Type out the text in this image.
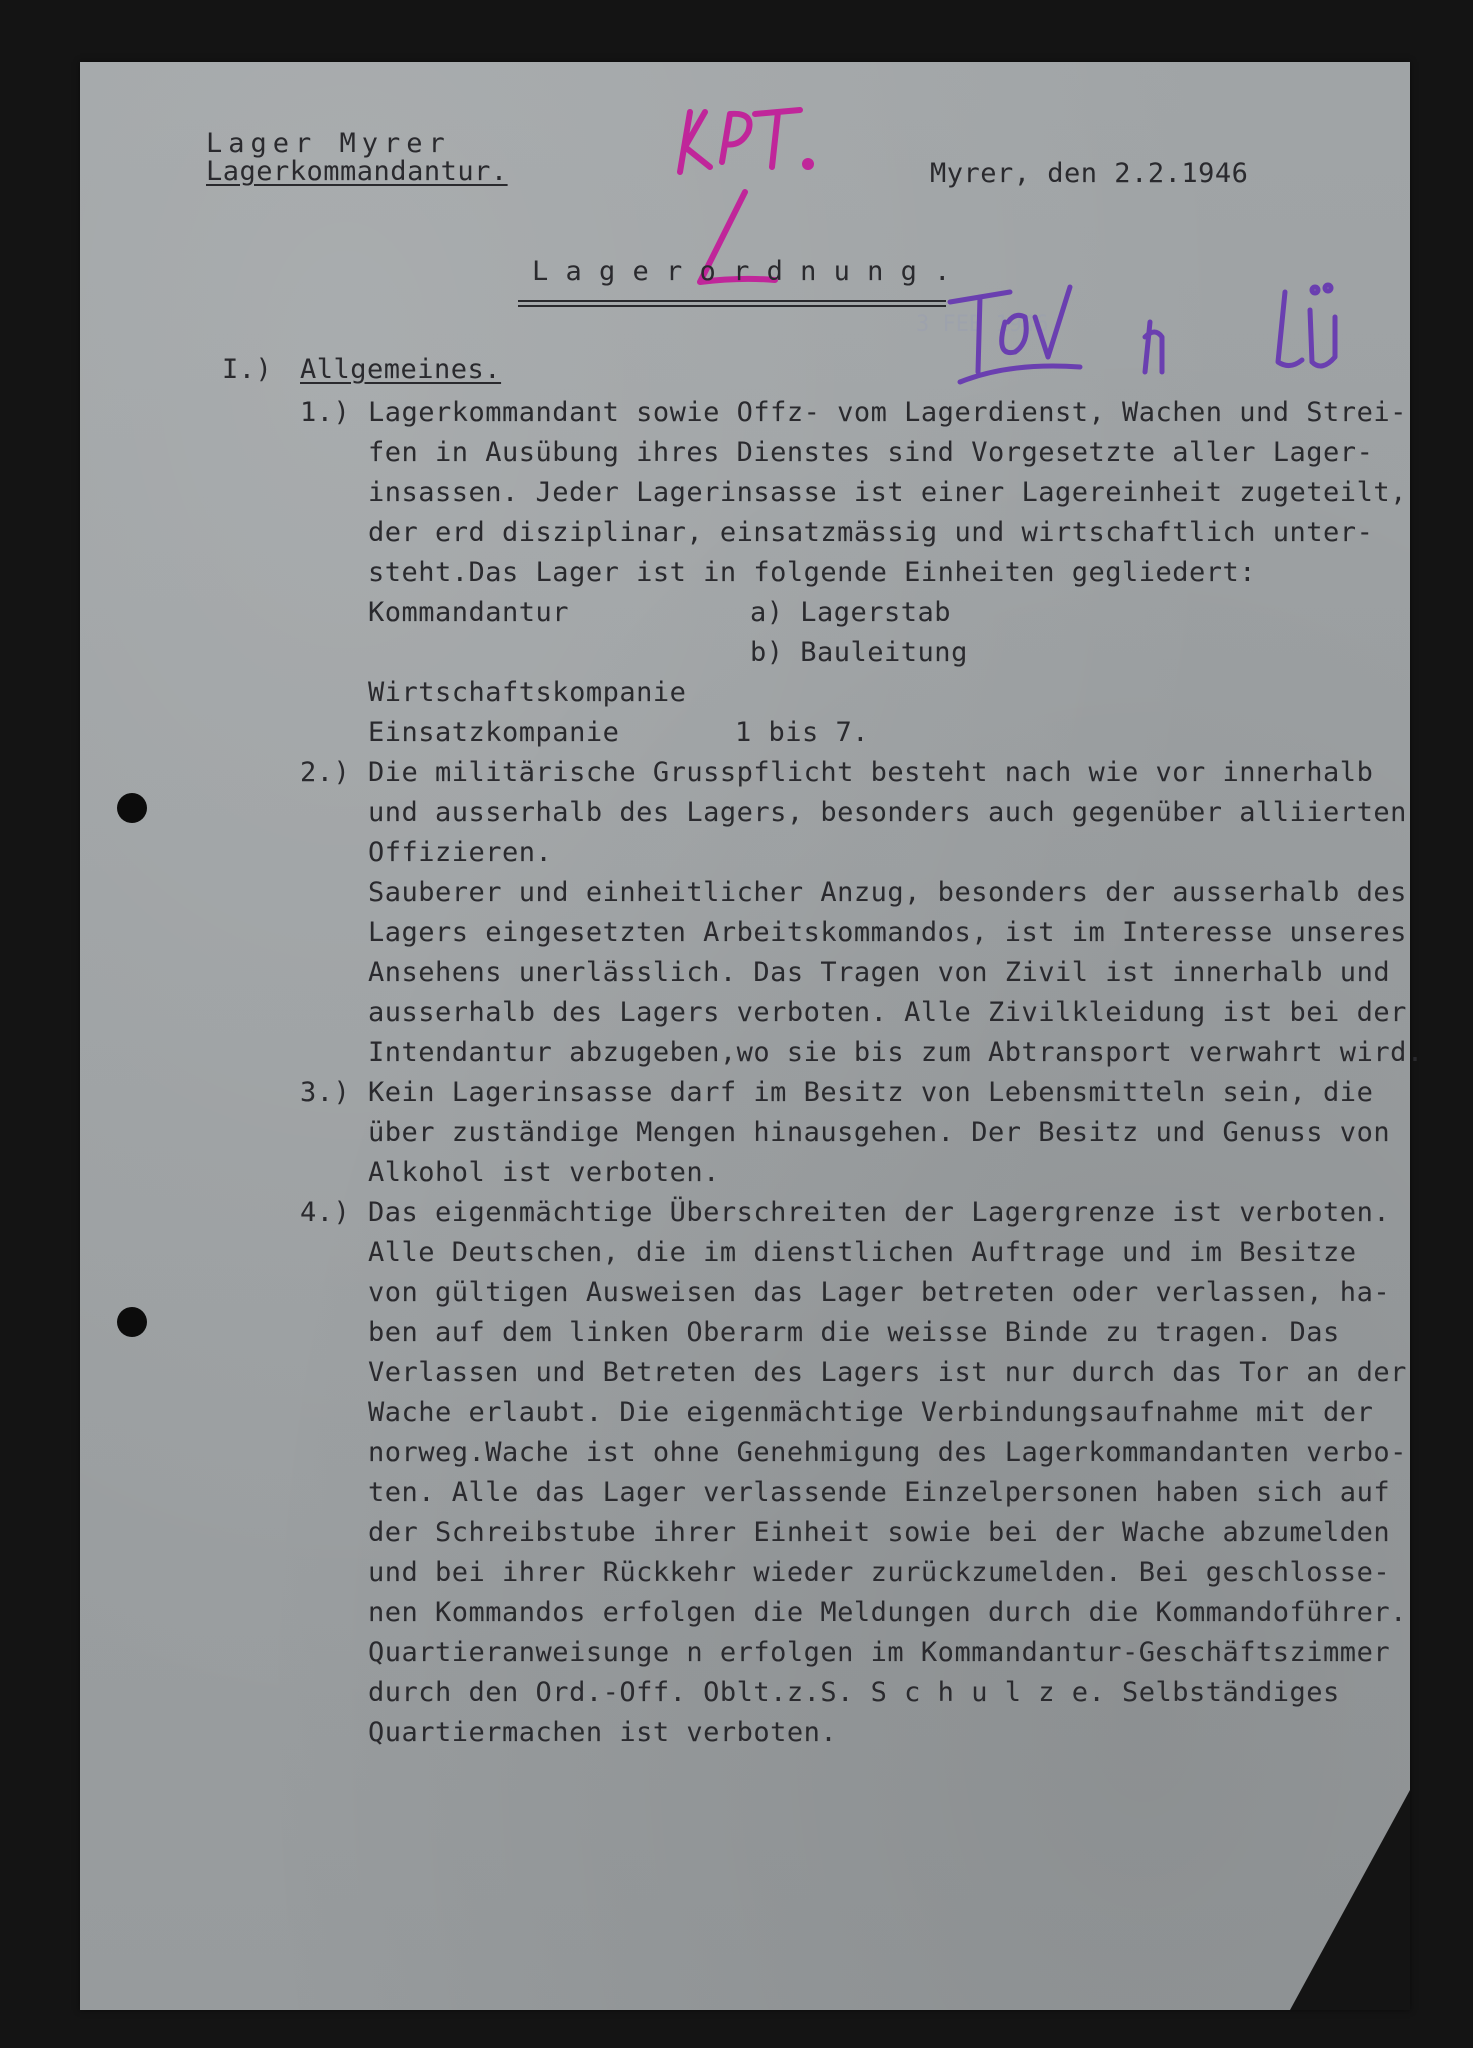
Lager Myrer
Lagerkommandantur.	Myrer, den 2.2.1946
3 FEB 1946
L a g e r o r d n u n g .
I.) Allgemeines.
1.) Lagerkommandant sowie Offz- vom Lagerdienst, Wachen und Strei-
fen in Ausübung ihres Dienstes sind Vorgesetzte aller Lager-
insassen. Jeder Lagerinsasse ist einer Lagereinheit zugeteilt,
der erd disziplinar, einsatzmässig und wirtschaftlich unter-
steht.Das Lager ist in folgende Einheiten gegliedert:
Kommandantur	a) Lagerstab
b) Bauleitung
Wirtschaftskompanie
Einsatzkompanie	1 bis 7.
2.) Die militärische Grusspflicht besteht nach wie vor innerhalb
und ausserhalb des Lagers, besonders auch gegenüber alliierten
Offizieren.
Sauberer und einheitlicher Anzug, besonders der ausserhalb des
Lagers eingesetzten Arbeitskommandos, ist im Interesse unseres
Ansehens unerlässlich. Das Tragen von Zivil ist innerhalb und
ausserhalb des Lagers verboten. Alle Zivilkleidung ist bei der
Intendantur abzugeben,wo sie bis zum Abtransport verwahrt wird.
3.) Kein Lagerinsasse darf im Besitz von Lebensmitteln sein, die
über zuständige Mengen hinausgehen. Der Besitz und Genuss von
Alkohol ist verboten.
4.) Das eigenmächtige Überschreiten der Lagergrenze ist verboten.
Alle Deutschen, die im dienstlichen Auftrage und im Besitze
von gültigen Ausweisen das Lager betreten oder verlassen, ha-
ben auf dem linken Oberarm die weisse Binde zu tragen. Das
Verlassen und Betreten des Lagers ist nur durch das Tor an der
Wache erlaubt. Die eigenmächtige Verbindungsaufnahme mit der
norweg.Wache ist ohne Genehmigung des Lagerkommandanten verbo-
ten. Alle das Lager verlassende Einzelpersonen haben sich auf
der Schreibstube ihrer Einheit sowie bei der Wache abzumelden
und bei ihrer Rückkehr wieder zurückzumelden. Bei geschlosse-
nen Kommandos erfolgen die Meldungen durch die Kommandoführer.
Quartieranweisunge n erfolgen im Kommandantur-Geschäftszimmer
durch den Ord.-Off. Oblt.z.S. S c h u l z e. Selbständiges
Quartiermachen ist verboten.
